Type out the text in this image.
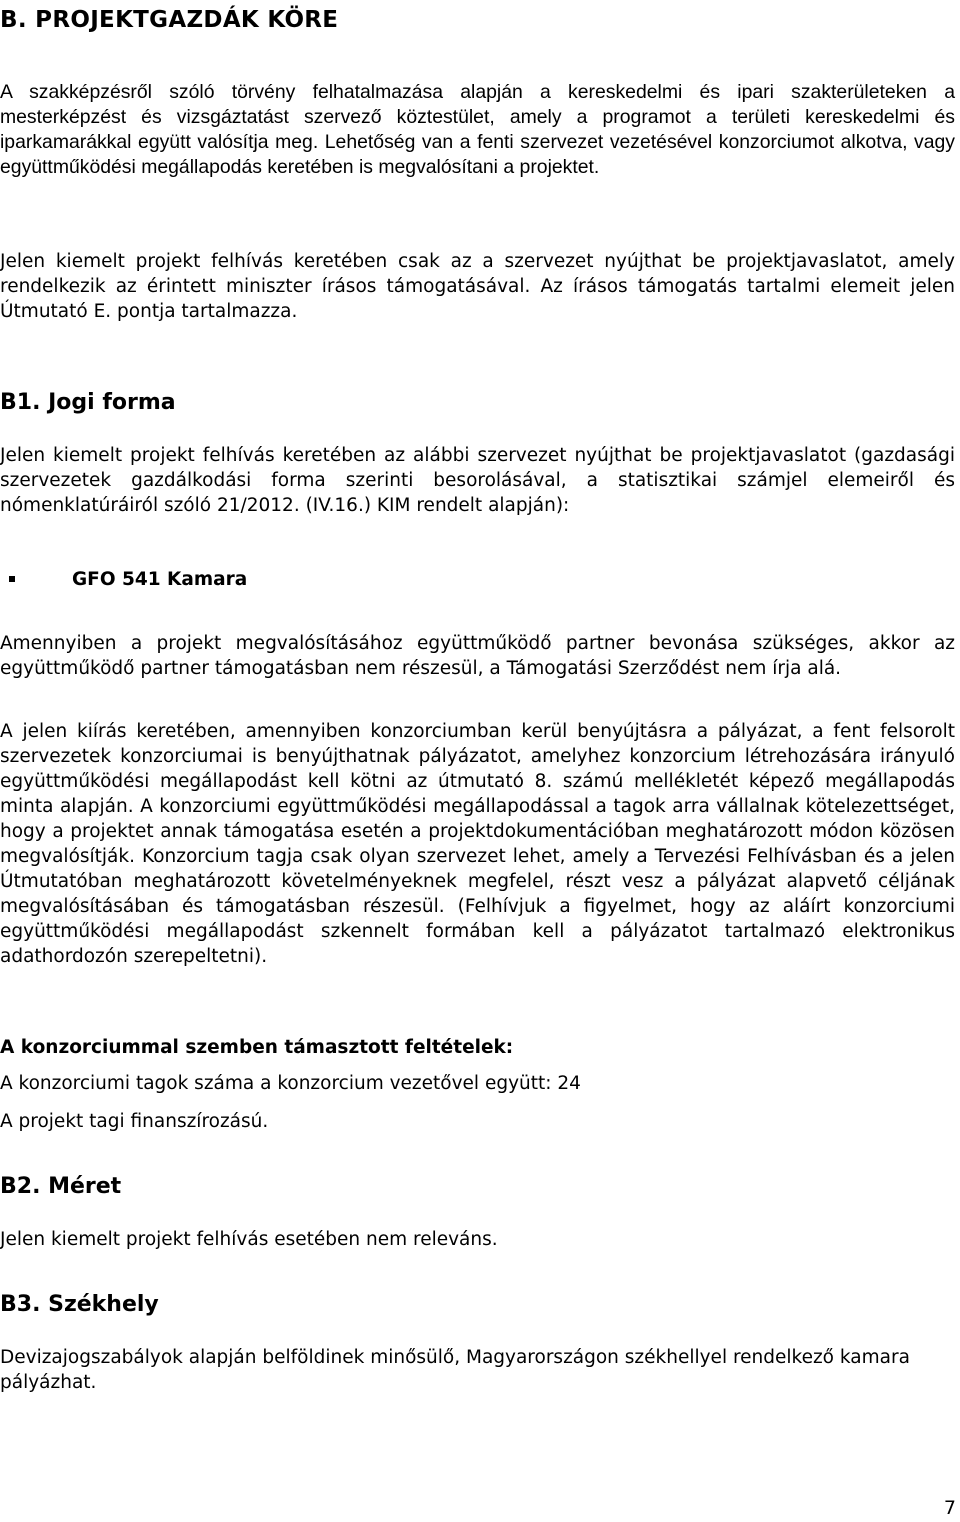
B. PROJEKTGAZDÁK KÖRE

A szakképzésről szóló törvény felhatalmazása alapján a kereskedelmi és ipari szakterületeken a mesterképzést és vizsgáztatást szervező köztestület, amely a programot a területi kereskedelmi és iparkamarákkal együtt valósítja meg. Lehetőség van a fenti szervezet vezetésével konzorciumot alkotva, vagy együttműködési megállapodás keretében is megvalósítani a projektet.

Jelen kiemelt projekt felhívás keretében csak az a szervezet nyújthat be projektjavaslatot, amely rendelkezik az érintett miniszter írásos támogatásával. Az írásos támogatás tartalmi elemeit jelen Útmutató E. pontja tartalmazza.

B1. Jogi forma

Jelen kiemelt projekt felhívás keretében az alábbi szervezet nyújthat be projektjavaslatot (gazdasági szervezetek gazdálkodási forma szerinti besorolásával, a statisztikai számjel elemeiről és nómenklatúráiról szóló 21/2012. (IV.16.) KIM rendelt alapján):

GFO 541 Kamara

Amennyiben a projekt megvalósításához együttműködő partner bevonása szükséges, akkor az együttműködő partner támogatásban nem részesül, a Támogatási Szerződést nem írja alá.

A jelen kiírás keretében, amennyiben konzorciumban kerül benyújtásra a pályázat, a fent felsorolt szervezetek konzorciumai is benyújthatnak pályázatot, amelyhez konzorcium létrehozására irányuló együttműködési megállapodást kell kötni az útmutató 8. számú mellékletét képező megállapodás minta alapján. A konzorciumi együttműködési megállapodással a tagok arra vállalnak kötelezettséget, hogy a projektet annak támogatása esetén a projektdokumentációban meghatározott módon közösen megvalósítják. Konzorcium tagja csak olyan szervezet lehet, amely a Tervezési Felhívásban és a jelen Útmutatóban meghatározott követelményeknek megfelel, részt vesz a pályázat alapvető céljának megvalósításában és támogatásban részesül. (Felhívjuk a figyelmet, hogy az aláírt konzorciumi együttműködési megállapodást szkennelt formában kell a pályázatot tartalmazó elektronikus adathordozón szerepeltetni).

A konzorciummal szemben támasztott feltételek:

A konzorciumi tagok száma a konzorcium vezetővel együtt: 24

A projekt tagi finanszírozású.

B2. Méret

Jelen kiemelt projekt felhívás esetében nem releváns.

B3. Székhely

Devizajogszabályok alapján belföldinek minősülő, Magyarországon székhellyel rendelkező kamara pályázhat.

7
